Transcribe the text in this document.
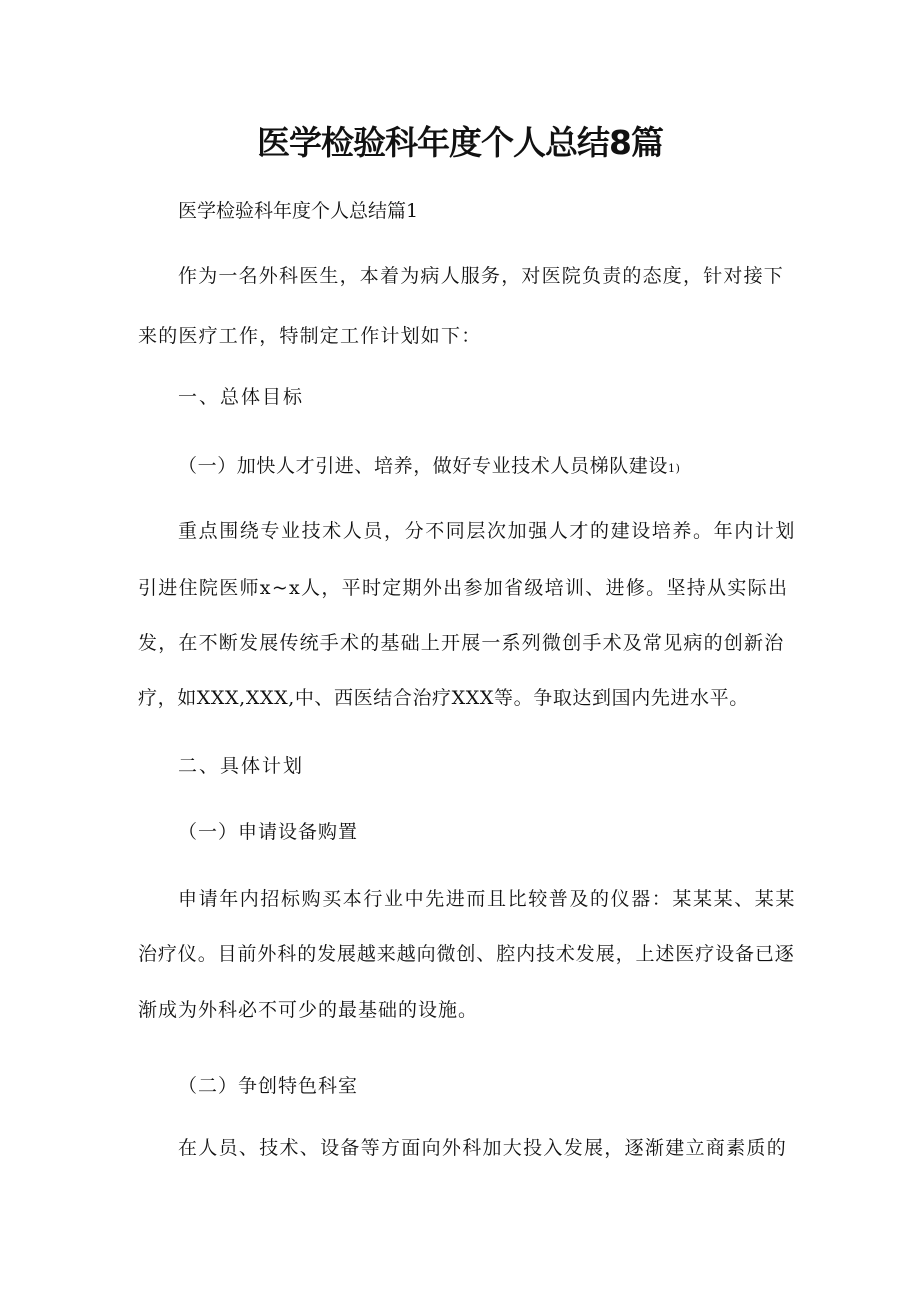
医学检验科年度个人总结8篇

医学检验科年度个人总结篇1

作为一名外科医生，本着为病人服务，对医院负责的态度，针对接下

来的医疗工作，特制定工作计划如下：

一、总体目标

（一）加快人才引进、培养，做好专业技术人员梯队建设1)

重点围绕专业技术人员，分不同层次加强人才的建设培养。年内计划

引进住院医师x~x人，平时定期外出参加省级培训、进修。坚持从实际出

发，在不断发展传统手术的基础上开展一系列微创手术及常见病的创新治

疗，如XXX,XXX,中、西医结合治疗XXX等。争取达到国内先进水平。

二、具体计划

（一）申请设备购置

申请年内招标购买本行业中先进而且比较普及的仪器：某某某、某某

治疗仪。目前外科的发展越来越向微创、腔内技术发展，上述医疗设备已逐

渐成为外科必不可少的最基础的设施。

（二）争创特色科室

在人员、技术、设备等方面向外科加大投入发展，逐渐建立商素质的
